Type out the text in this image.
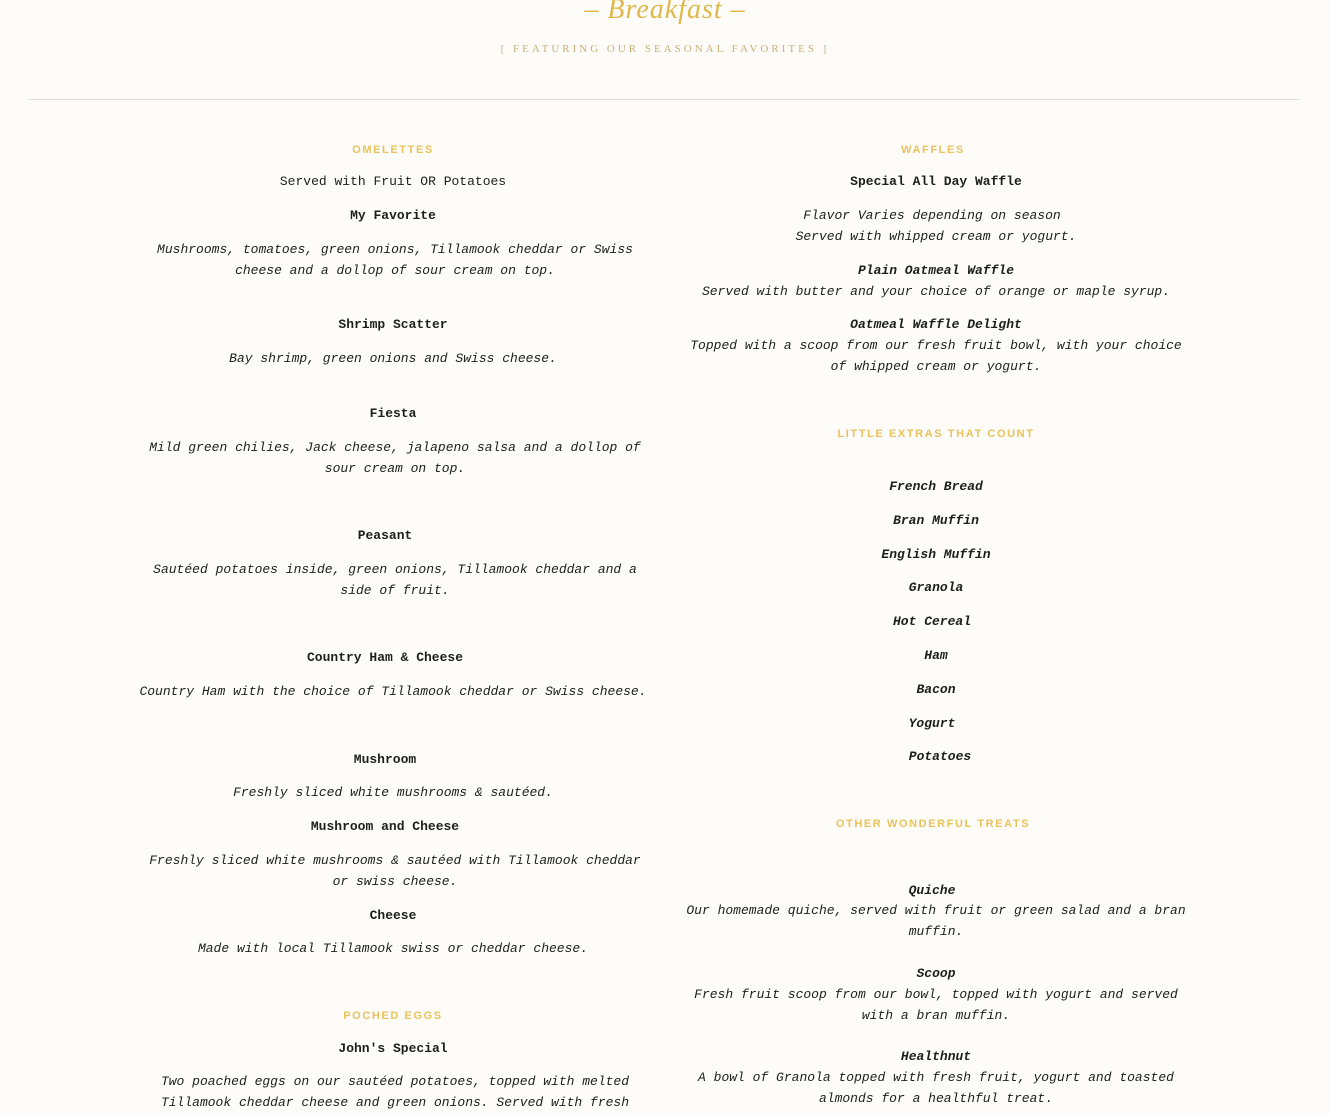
– Breakfast –
[ FEATURING OUR SEASONAL FAVORITES ]
OMELETTES
Served with Fruit OR Potatoes
My Favorite
Mushrooms, tomatoes, green onions, Tillamook cheddar or Swiss cheese and a dollop of sour cream on top.
Shrimp Scatter
Bay shrimp, green onions and Swiss cheese.
Fiesta
Mild green chilies, Jack cheese, jalapeno salsa and a dollop of sour cream on top.
Peasant
Sautéed potatoes inside, green onions, Tillamook cheddar and a side of fruit.
Country Ham & Cheese
Country Ham with the choice of Tillamook cheddar or Swiss cheese.
Mushroom
Freshly sliced white mushrooms & sautéed.
Mushroom and Cheese
Freshly sliced white mushrooms & sautéed with Tillamook cheddar or swiss cheese.
Cheese
Made with local Tillamook swiss or cheddar cheese.
POCHED EGGS
John's Special
Two poached eggs on our sautéed potatoes, topped with melted Tillamook cheddar cheese and green onions. Served with fresh
WAFFLES
Special All Day Waffle
Flavor Varies depending on season
Served with whipped cream or yogurt.
Plain Oatmeal Waffle
Served with butter and your choice of orange or maple syrup.
Oatmeal Waffle Delight
Topped with a scoop from our fresh fruit bowl, with your choice of whipped cream or yogurt.
LITTLE EXTRAS THAT COUNT
French Bread
Bran Muffin
English Muffin
Granola
Hot Cereal
Ham
Bacon
Yogurt
Potatoes
OTHER WONDERFUL TREATS
Quiche
Our homemade quiche, served with fruit or green salad and a bran muffin.
Scoop
Fresh fruit scoop from our bowl, topped with yogurt and served with a bran muffin.
Healthnut
A bowl of Granola topped with fresh fruit, yogurt and toasted almonds for a healthful treat.
